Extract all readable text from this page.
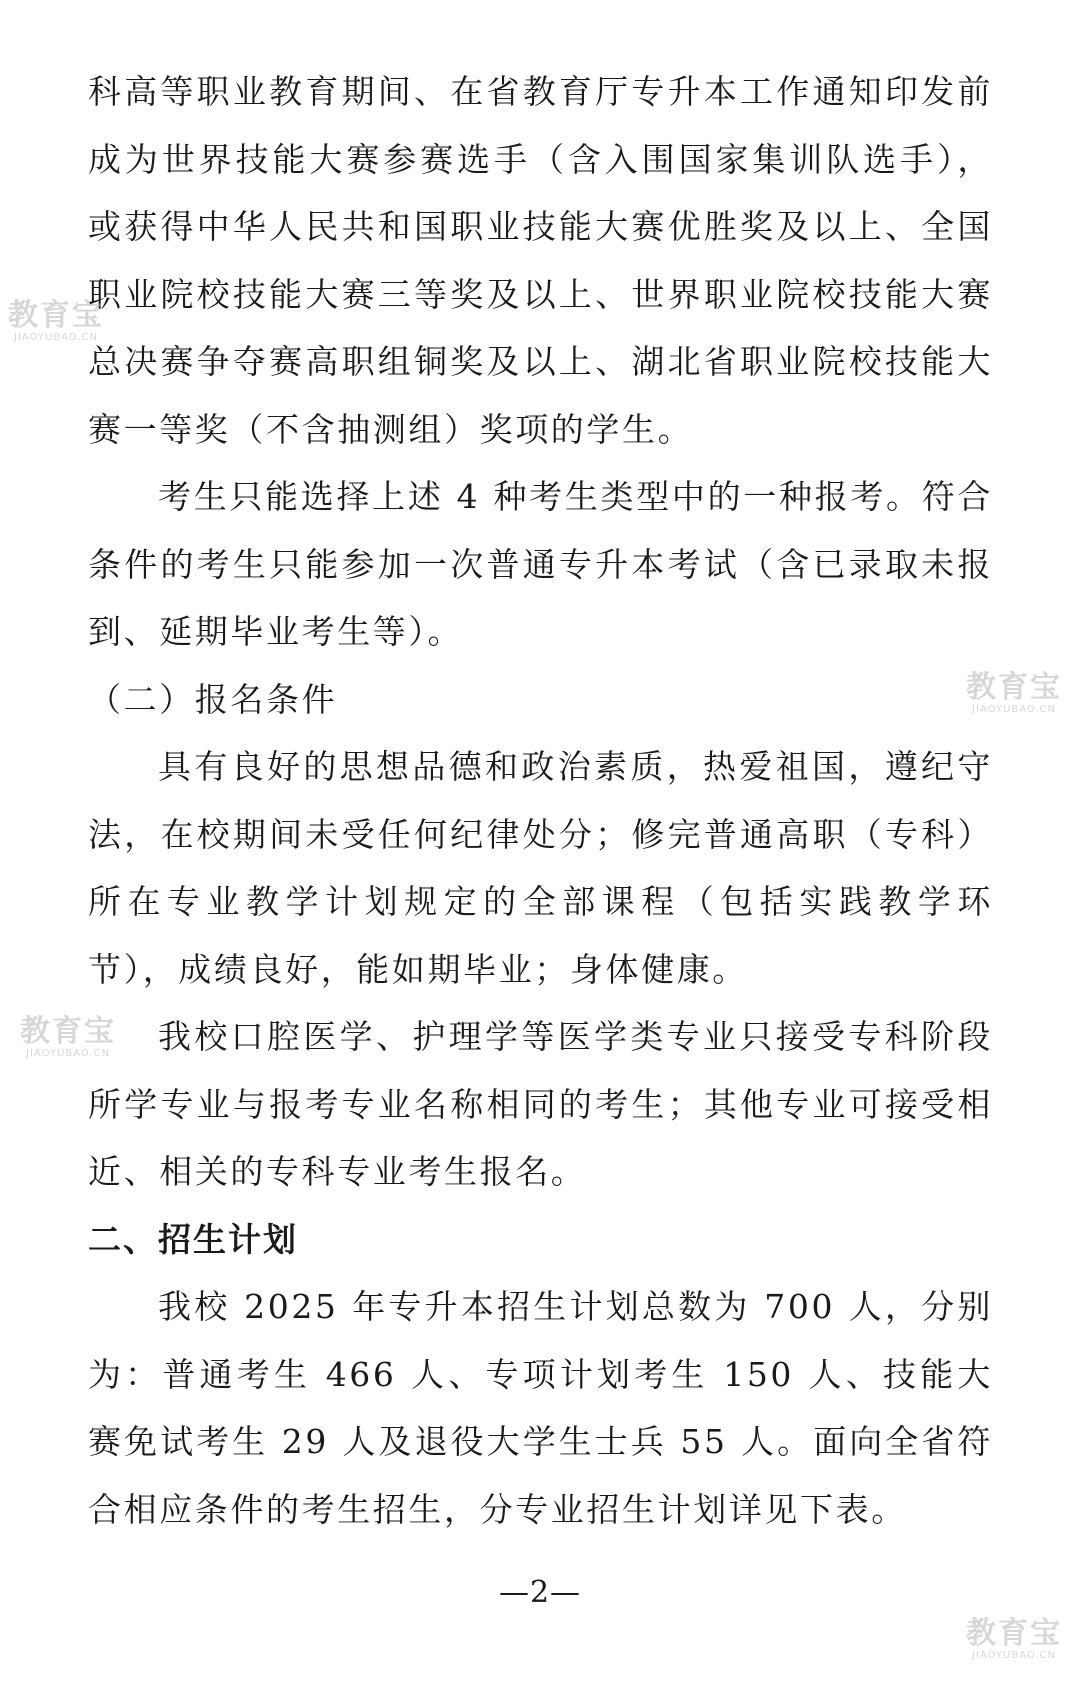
科高等职业教育期间、在省教育厅专升本工作通知印发前成为世界技能大赛参赛选手（含入围国家集训队选手），或获得中华人民共和国职业技能大赛优胜奖及以上、全国职业院校技能大赛三等奖及以上、世界职业院校技能大赛总决赛争夺赛高职组铜奖及以上、湖北省职业院校技能大赛一等奖（不含抽测组）奖项的学生。

考生只能选择上述 4 种考生类型中的一种报考。符合条件的考生只能参加一次普通专升本考试（含已录取未报到、延期毕业考生等）。

（二）报名条件

具有良好的思想品德和政治素质，热爱祖国，遵纪守法，在校期间未受任何纪律处分；修完普通高职（专科）所在专业教学计划规定的全部课程（包括实践教学环节），成绩良好，能如期毕业；身体健康。

我校口腔医学、护理学等医学类专业只接受专科阶段所学专业与报考专业名称相同的考生；其他专业可接受相近、相关的专科专业考生报名。

二、招生计划

我校 2025 年专升本招生计划总数为 700 人，分别为：普通考生 466 人、专项计划考生 150 人、技能大赛免试考生 29 人及退役大学生士兵 55 人。面向全省符合相应条件的考生招生，分专业招生计划详见下表。

—2—
教育宝
JIAOYUBAO.CN
教育宝
JIAOYUBAO.CN
教育宝
JIAOYUBAO.CN
教育宝
JIAOYUBAO.CN
